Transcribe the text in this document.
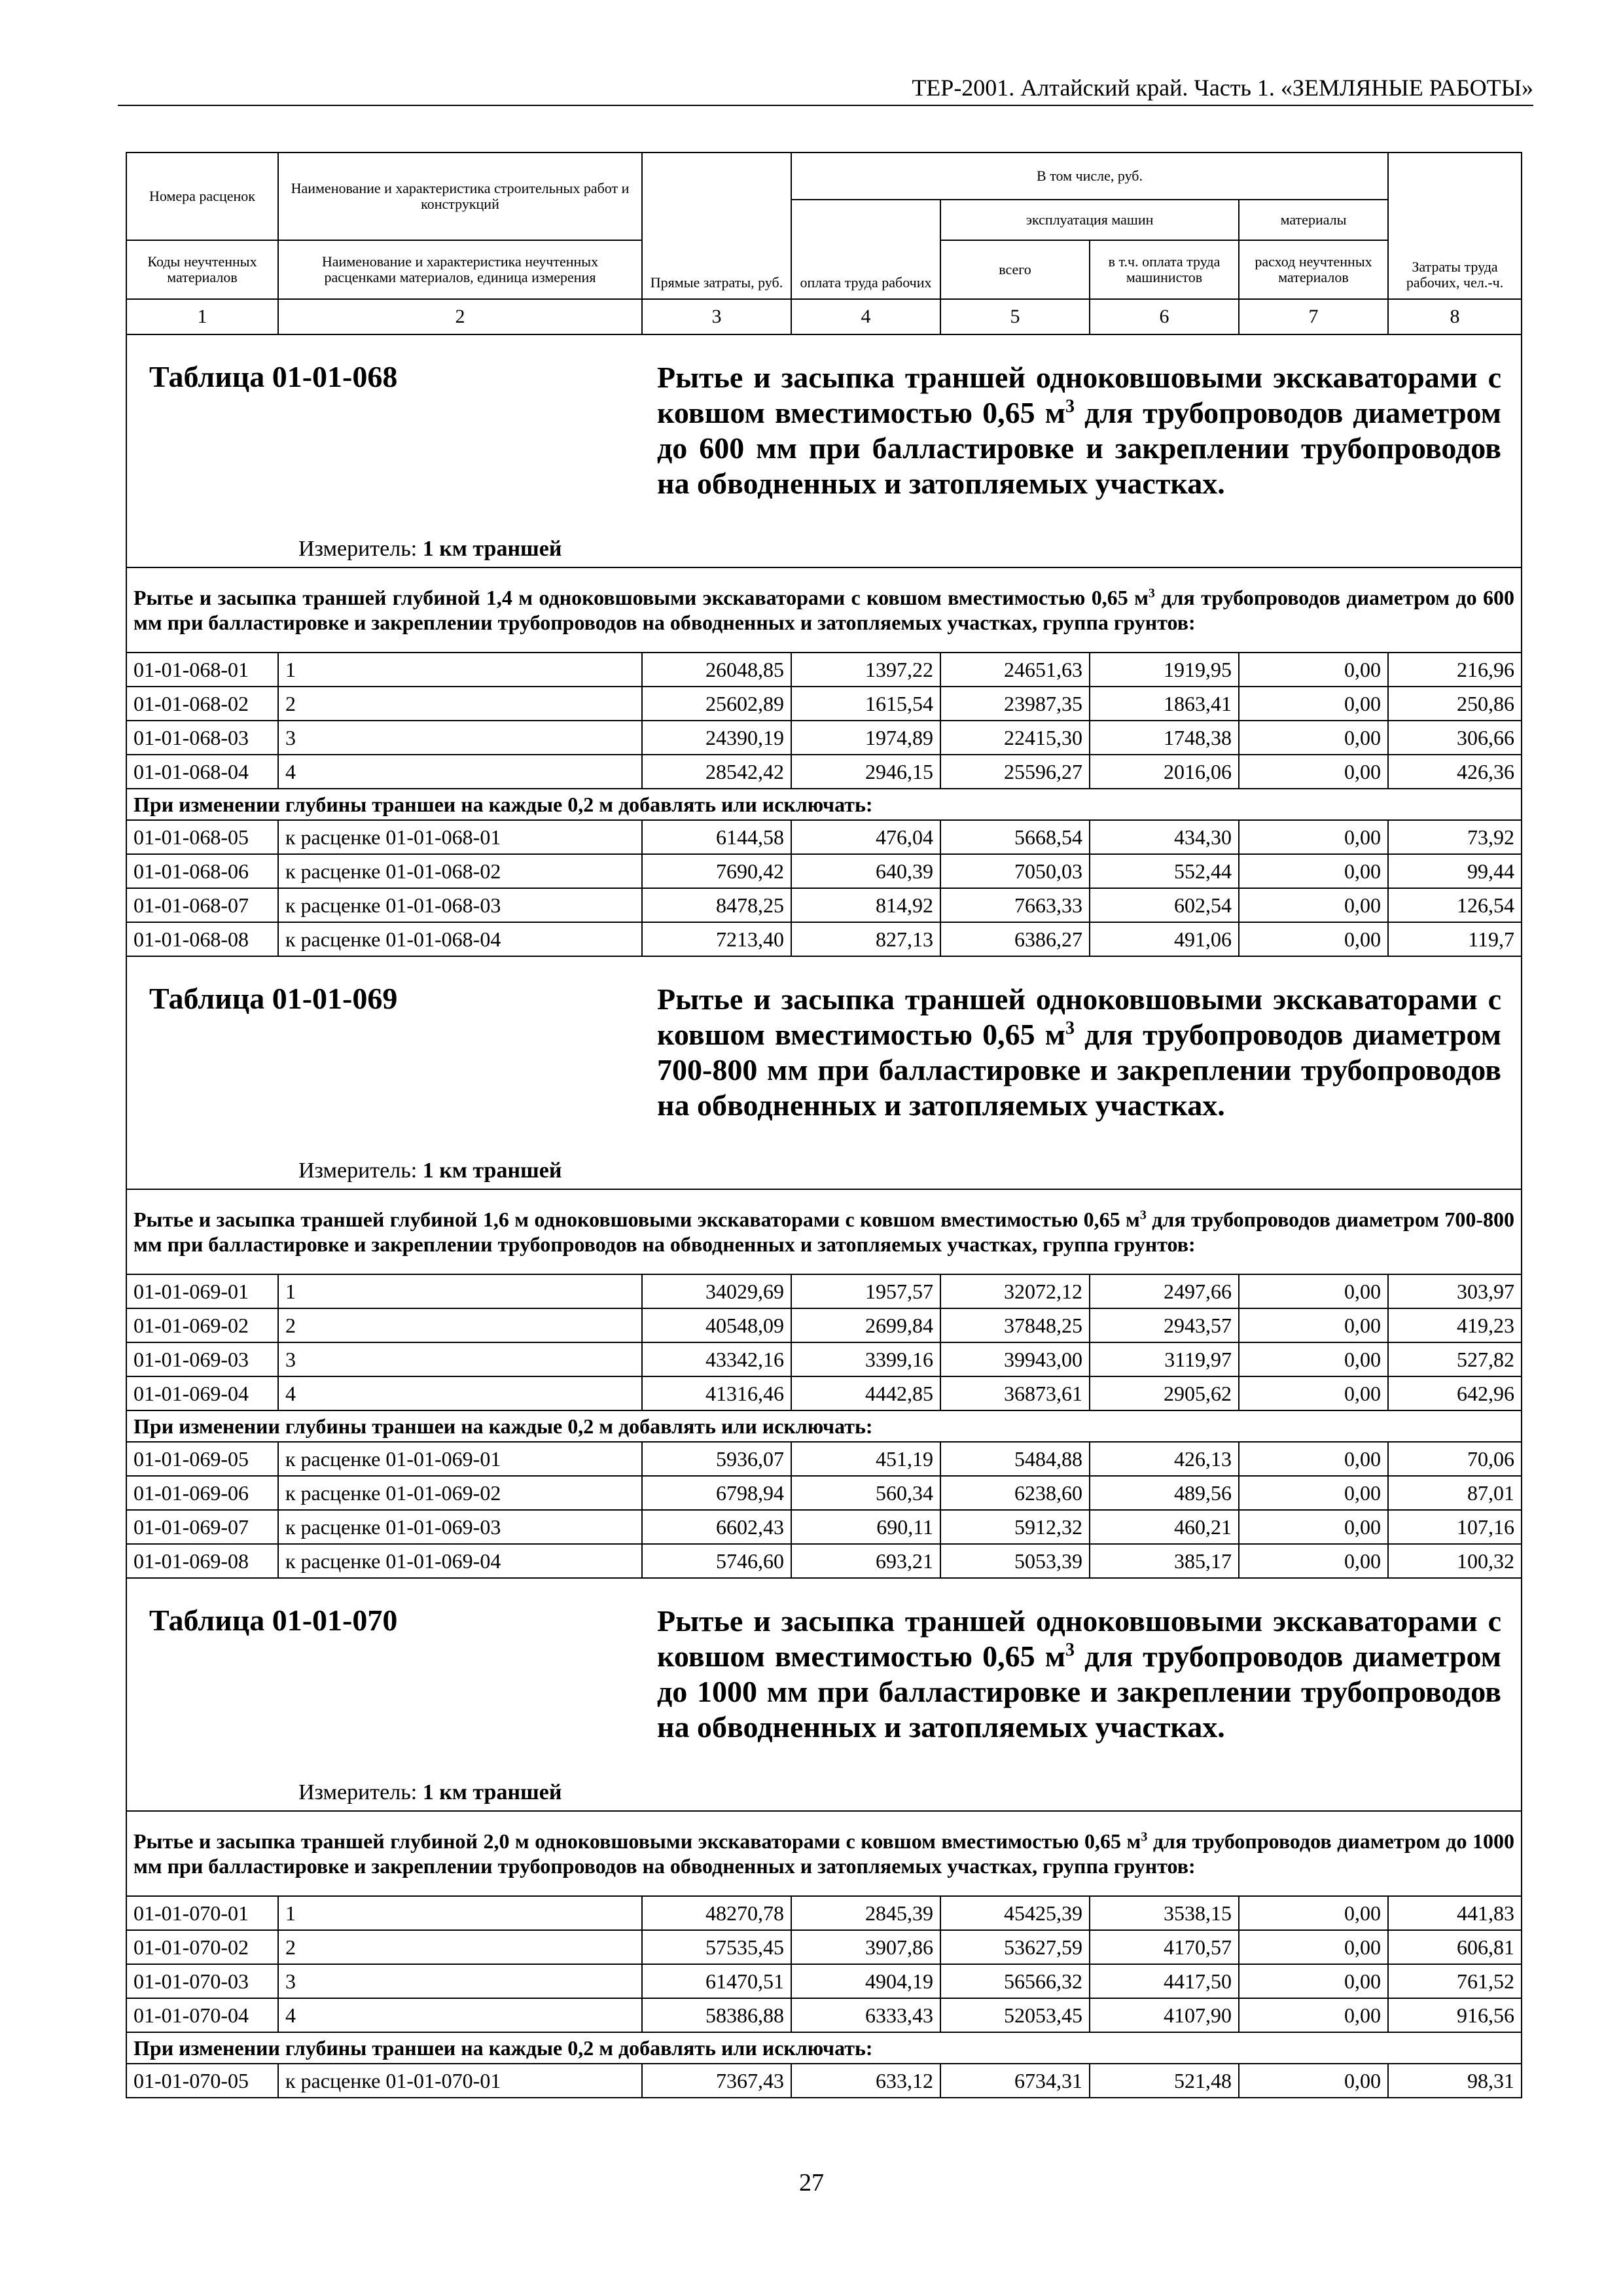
ТЕР-2001. Алтайский край. Часть 1. «ЗЕМЛЯНЫЕ РАБОТЫ»
Номера расценок	Наименование и характеристика строительных работ и конструкций	Прямые затраты, руб.	В том числе, руб.				Затраты труда рабочих, чел.-ч.
			оплата труда рабочих	эксплуатация машин		материалы	
Коды неучтенных материалов	Наименование и характеристика неучтенных расценками материалов, единица измерения			всего	в т.ч. оплата труда машинистов	расход неучтенных материалов	
1	2	3	4	5	6	7	8

Таблица 01-01-068 Рытье и засыпка траншей одноковшовыми экскаваторами с ковшом вместимостью 0,65 $м^3$ для трубопроводов диаметром до 600 мм при балластировке и закреплении трубопроводов на обводненных и затопляемых участках.
Измеритель: 1 км траншей							

Рытье и засыпка траншей глубиной 1,4 м одноковшовыми экскаваторами с ковшом вместимостью 0,65 $м^3$ для трубопроводов диаметром до 600 мм при балластировке и закреплении трубопроводов на обводненных и затопляемых участках, группа грунтов:							
01-01-068-01	1	26048,85	1397,22	24651,63	1919,95	0,00	216,96
01-01-068-02	2	25602,89	1615,54	23987,35	1863,41	0,00	250,86
01-01-068-03	3	24390,19	1974,89	22415,30	1748,38	0,00	306,66
01-01-068-04	4	28542,42	2946,15	25596,27	2016,06	0,00	426,36
При изменении глубины траншеи на каждые 0,2 м добавлять или исключать:							
01-01-068-05	к расценке 01-01-068-01	6144,58	476,04	5668,54	434,30	0,00	73,92
01-01-068-06	к расценке 01-01-068-02	7690,42	640,39	7050,03	552,44	0,00	99,44
01-01-068-07	к расценке 01-01-068-03	8478,25	814,92	7663,33	602,54	0,00	126,54
01-01-068-08	к расценке 01-01-068-04	7213,40	827,13	6386,27	491,06	0,00	119,7

Таблица 01-01-069 Рытье и засыпка траншей одноковшовыми экскаваторами с ковшом вместимостью 0,65 $м^3$ для трубопроводов диаметром 700-800 мм при балластировке и закреплении трубопроводов на обводненных и затопляемых участках.
Измеритель: 1 км траншей							

Рытье и засыпка траншей глубиной 1,6 м одноковшовыми экскаваторами с ковшом вместимостью 0,65 $м^3$ для трубопроводов диаметром 700-800 мм при балластировке и закреплении трубопроводов на обводненных и затопляемых участках, группа грунтов:							
01-01-069-01	1	34029,69	1957,57	32072,12	2497,66	0,00	303,97
01-01-069-02	2	40548,09	2699,84	37848,25	2943,57	0,00	419,23
01-01-069-03	3	43342,16	3399,16	39943,00	3119,97	0,00	527,82
01-01-069-04	4	41316,46	4442,85	36873,61	2905,62	0,00	642,96
При изменении глубины траншеи на каждые 0,2 м добавлять или исключать:							
01-01-069-05	к расценке 01-01-069-01	5936,07	451,19	5484,88	426,13	0,00	70,06
01-01-069-06	к расценке 01-01-069-02	6798,94	560,34	6238,60	489,56	0,00	87,01
01-01-069-07	к расценке 01-01-069-03	6602,43	690,11	5912,32	460,21	0,00	107,16
01-01-069-08	к расценке 01-01-069-04	5746,60	693,21	5053,39	385,17	0,00	100,32

Таблица 01-01-070 Рытье и засыпка траншей одноковшовыми экскаваторами с ковшом вместимостью 0,65 $м^3$ для трубопроводов диаметром до 1000 мм при балластировке и закреплении трубопроводов на обводненных и затопляемых участках.
Измеритель: 1 км траншей							

Рытье и засыпка траншей глубиной 2,0 м одноковшовыми экскаваторами с ковшом вместимостью 0,65 $м^3$ для трубопроводов диаметром до 1000 мм при балластировке и закреплении трубопроводов на обводненных и затопляемых участках, группа грунтов:							
01-01-070-01	1	48270,78	2845,39	45425,39	3538,15	0,00	441,83
01-01-070-02	2	57535,45	3907,86	53627,59	4170,57	0,00	606,81
01-01-070-03	3	61470,51	4904,19	56566,32	4417,50	0,00	761,52
01-01-070-04	4	58386,88	6333,43	52053,45	4107,90	0,00	916,56
При изменении глубины траншеи на каждые 0,2 м добавлять или исключать:							
01-01-070-05	к расценке 01-01-070-01	7367,43	633,12	6734,31	521,48	0,00	98,31
27
